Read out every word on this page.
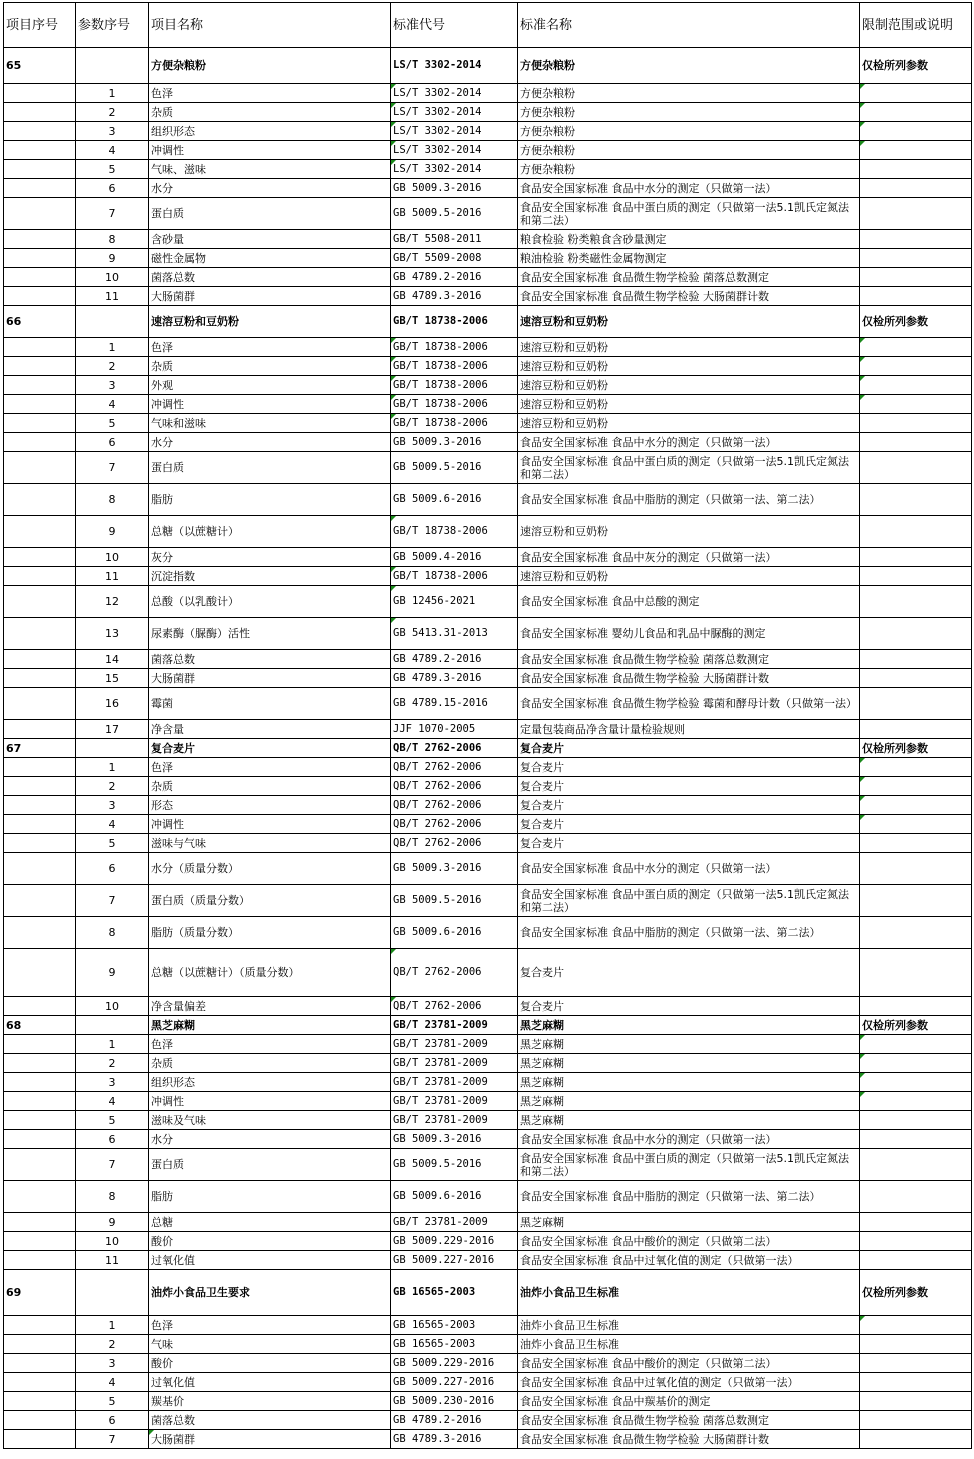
项目序号	参数序号	项目名称	标准代号	标准名称	限制范围或说明
65		方便杂粮粉	LS/T 3302-2014	方便杂粮粉	仅检所列参数
	1	色泽	LS/T 3302-2014	方便杂粮粉	
	2	杂质	LS/T 3302-2014	方便杂粮粉	
	3	组织形态	LS/T 3302-2014	方便杂粮粉	
	4	冲调性	LS/T 3302-2014	方便杂粮粉	
	5	气味、滋味	LS/T 3302-2014	方便杂粮粉	
	6	水分	GB 5009.3-2016	食品安全国家标准 食品中水分的测定（只做第一法）	
	7	蛋白质	GB 5009.5-2016	食品安全国家标准 食品中蛋白质的测定（只做第一法5.1凯氏定氮法和第二法）	
	8	含砂量	GB/T 5508-2011	粮食检验 粉类粮食含砂量测定	
	9	磁性金属物	GB/T 5509-2008	粮油检验 粉类磁性金属物测定	
	10	菌落总数	GB 4789.2-2016	食品安全国家标准 食品微生物学检验 菌落总数测定	
	11	大肠菌群	GB 4789.3-2016	食品安全国家标准 食品微生物学检验 大肠菌群计数	
66		速溶豆粉和豆奶粉	GB/T 18738-2006	速溶豆粉和豆奶粉	仅检所列参数
	1	色泽	GB/T 18738-2006	速溶豆粉和豆奶粉	
	2	杂质	GB/T 18738-2006	速溶豆粉和豆奶粉	
	3	外观	GB/T 18738-2006	速溶豆粉和豆奶粉	
	4	冲调性	GB/T 18738-2006	速溶豆粉和豆奶粉	
	5	气味和滋味	GB/T 18738-2006	速溶豆粉和豆奶粉	
	6	水分	GB 5009.3-2016	食品安全国家标准 食品中水分的测定（只做第一法）	
	7	蛋白质	GB 5009.5-2016	食品安全国家标准 食品中蛋白质的测定（只做第一法5.1凯氏定氮法和第二法）	
	8	脂肪	GB 5009.6-2016	食品安全国家标准 食品中脂肪的测定（只做第一法、第二法）	
	9	总糖（以蔗糖计）	GB/T 18738-2006	速溶豆粉和豆奶粉	
	10	灰分	GB 5009.4-2016	食品安全国家标准 食品中灰分的测定（只做第一法）	
	11	沉淀指数	GB/T 18738-2006	速溶豆粉和豆奶粉	
	12	总酸（以乳酸计）	GB 12456-2021	食品安全国家标准 食品中总酸的测定	
	13	尿素酶（脲酶）活性	GB 5413.31-2013	食品安全国家标准 婴幼儿食品和乳品中脲酶的测定	
	14	菌落总数	GB 4789.2-2016	食品安全国家标准 食品微生物学检验 菌落总数测定	
	15	大肠菌群	GB 4789.3-2016	食品安全国家标准 食品微生物学检验 大肠菌群计数	
	16	霉菌	GB 4789.15-2016	食品安全国家标准 食品微生物学检验 霉菌和酵母计数（只做第一法）	
	17	净含量	JJF 1070-2005	定量包装商品净含量计量检验规则	
67		复合麦片	QB/T 2762-2006	复合麦片	仅检所列参数
	1	色泽	QB/T 2762-2006	复合麦片	
	2	杂质	QB/T 2762-2006	复合麦片	
	3	形态	QB/T 2762-2006	复合麦片	
	4	冲调性	QB/T 2762-2006	复合麦片	
	5	滋味与气味	QB/T 2762-2006	复合麦片	
	6	水分（质量分数）	GB 5009.3-2016	食品安全国家标准 食品中水分的测定（只做第一法）	
	7	蛋白质（质量分数）	GB 5009.5-2016	食品安全国家标准 食品中蛋白质的测定（只做第一法5.1凯氏定氮法和第二法）	
	8	脂肪（质量分数）	GB 5009.6-2016	食品安全国家标准 食品中脂肪的测定（只做第一法、第二法）	
	9	总糖（以蔗糖计）（质量分数）	QB/T 2762-2006	复合麦片	
	10	净含量偏差	QB/T 2762-2006	复合麦片	
68		黑芝麻糊	GB/T 23781-2009	黑芝麻糊	仅检所列参数
	1	色泽	GB/T 23781-2009	黑芝麻糊	
	2	杂质	GB/T 23781-2009	黑芝麻糊	
	3	组织形态	GB/T 23781-2009	黑芝麻糊	
	4	冲调性	GB/T 23781-2009	黑芝麻糊	
	5	滋味及气味	GB/T 23781-2009	黑芝麻糊	
	6	水分	GB 5009.3-2016	食品安全国家标准 食品中水分的测定（只做第一法）	
	7	蛋白质	GB 5009.5-2016	食品安全国家标准 食品中蛋白质的测定（只做第一法5.1凯氏定氮法和第二法）	
	8	脂肪	GB 5009.6-2016	食品安全国家标准 食品中脂肪的测定（只做第一法、第二法）	
	9	总糖	GB/T 23781-2009	黑芝麻糊	
	10	酸价	GB 5009.229-2016	食品安全国家标准 食品中酸价的测定（只做第二法）	
	11	过氧化值	GB 5009.227-2016	食品安全国家标准 食品中过氧化值的测定（只做第一法）	
69		油炸小食品卫生要求	GB 16565-2003	油炸小食品卫生标准	仅检所列参数
	1	色泽	GB 16565-2003	油炸小食品卫生标准	
	2	气味	GB 16565-2003	油炸小食品卫生标准	
	3	酸价	GB 5009.229-2016	食品安全国家标准 食品中酸价的测定（只做第二法）	
	4	过氧化值	GB 5009.227-2016	食品安全国家标准 食品中过氧化值的测定（只做第一法）	
	5	羰基价	GB 5009.230-2016	食品安全国家标准 食品中羰基价的测定	
	6	菌落总数	GB 4789.2-2016	食品安全国家标准 食品微生物学检验 菌落总数测定	
	7	大肠菌群	GB 4789.3-2016	食品安全国家标准 食品微生物学检验 大肠菌群计数	
